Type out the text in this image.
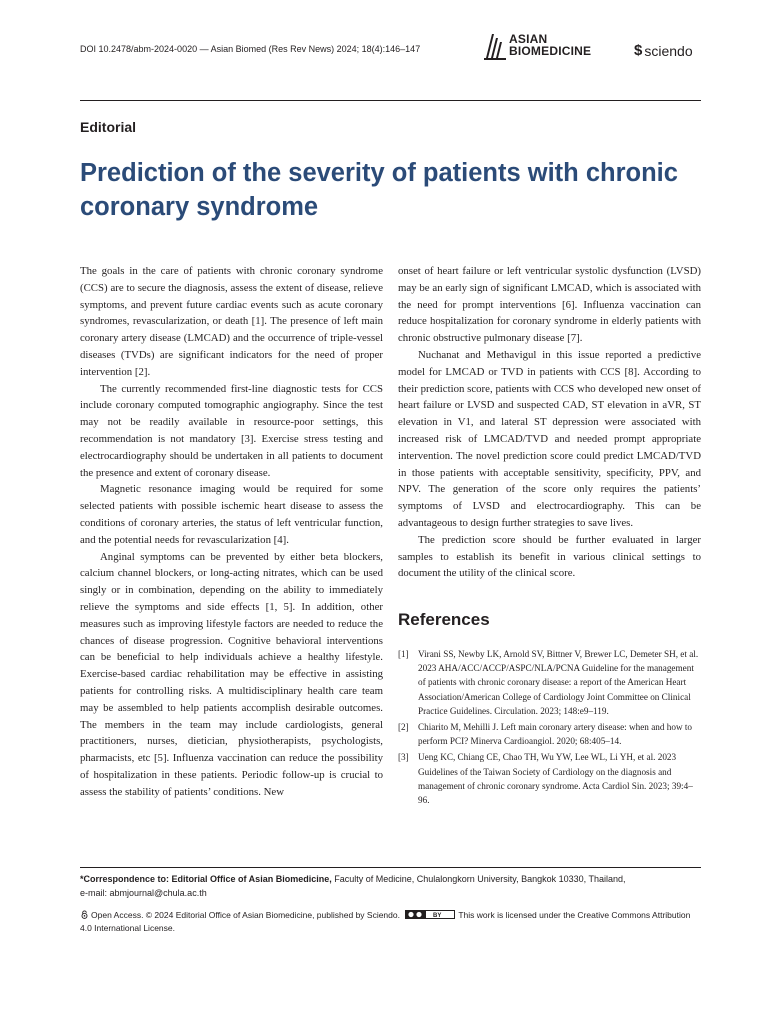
DOI 10.2478/abm-2024-0020 — Asian Biomed (Res Rev News) 2024; 18(4):146–147
ASIAN
BIOMEDICINE	$ sciendo
Editorial
Prediction of the severity of patients with chronic coronary syndrome

The goals in the care of patients with chronic coronary syndrome (CCS) are to secure the diagnosis, assess the extent of disease, relieve symptoms, and prevent future cardiac events such as acute coronary syndromes, revascularization, or death [1]. The presence of left main coronary artery disease (LMCAD) and the occurrence of triple-vessel diseases (TVDs) are significant indicators for the need of proper intervention [2].

The currently recommended first-line diagnostic tests for CCS include coronary computed tomographic angiography. Since the test may not be readily available in resource-poor settings, this recommendation is not mandatory [3]. Exercise stress testing and electrocardiography should be undertaken in all patients to document the presence and extent of coronary disease.

Magnetic resonance imaging would be required for some selected patients with possible ischemic heart disease to assess the conditions of coronary arteries, the status of left ventricular function, and the potential needs for revascularization [4].

Anginal symptoms can be prevented by either beta blockers, calcium channel blockers, or long-acting nitrates, which can be used singly or in combination, depending on the ability to immediately relieve the symptoms and side effects [1, 5]. In addition, other measures such as improving lifestyle factors are needed to reduce the chances of disease progression. Cognitive behavioral interventions can be beneficial to help individuals achieve a healthy lifestyle. Exercise-based cardiac rehabilitation may be effective in assisting patients for controlling risks. A multidisciplinary health care team may be assembled to help patients accomplish desirable outcomes. The members in the team may include cardiologists, general practitioners, nurses, dietician, physiotherapists, psychologists, pharmacists, etc [5]. Influenza vaccination can reduce the possibility of hospitalization in these patients. Periodic follow-up is crucial to assess the stability of patients’ conditions. New

onset of heart failure or left ventricular systolic dysfunction (LVSD) may be an early sign of significant LMCAD, which is associated with the need for prompt interventions [6]. Influenza vaccination can reduce hospitalization for coronary syndrome in elderly patients with chronic obstructive pulmonary disease [7].

Nuchanat and Methavigul in this issue reported a predictive model for LMCAD or TVD in patients with CCS [8]. According to their prediction score, patients with CCS who developed new onset of heart failure or LVSD and suspected CAD, ST elevation in aVR, ST elevation in V1, and lateral ST depression were associated with increased risk of LMCAD/TVD and needed prompt appropriate intervention. The novel prediction score could predict LMCAD/TVD in those patients with acceptable sensitivity, specificity, PPV, and NPV. The generation of the score only requires the patients’ symptoms of LVSD and electrocardiography. This can be advantageous to design further strategies to save lives.

The prediction score should be further evaluated in larger samples to establish its benefit in various clinical settings to document the utility of the clinical score.

References
[1]	Virani SS, Newby LK, Arnold SV, Bittner V, Brewer LC, Demeter SH, et al. 2023 AHA/ACC/ACCP/ASPC/NLA/PCNA Guideline for the management of patients with chronic coronary disease: a report of the American Heart Association/American College of Cardiology Joint Committee on Clinical Practice Guidelines. Circulation. 2023; 148:e9–119.
[2]	Chiarito M, Mehilli J. Left main coronary artery disease: when and how to perform PCI? Minerva Cardioangiol. 2020; 68:405–14.
[3]	Ueng KC, Chiang CE, Chao TH, Wu YW, Lee WL, Li YH, et al. 2023 Guidelines of the Taiwan Society of Cardiology on the diagnosis and management of chronic coronary syndrome. Acta Cardiol Sin. 2023; 39:4–96.
*Correspondence to: Editorial Office of Asian Biomedicine, Faculty of Medicine, Chulalongkorn University, Bangkok 10330, Thailand,
e-mail: abmjournal@chula.ac.th
Open Access. © 2024 Editorial Office of Asian Biomedicine, published by Sciendo.	BY This work is licensed under the Creative Commons Attribution 4.0 International License.
